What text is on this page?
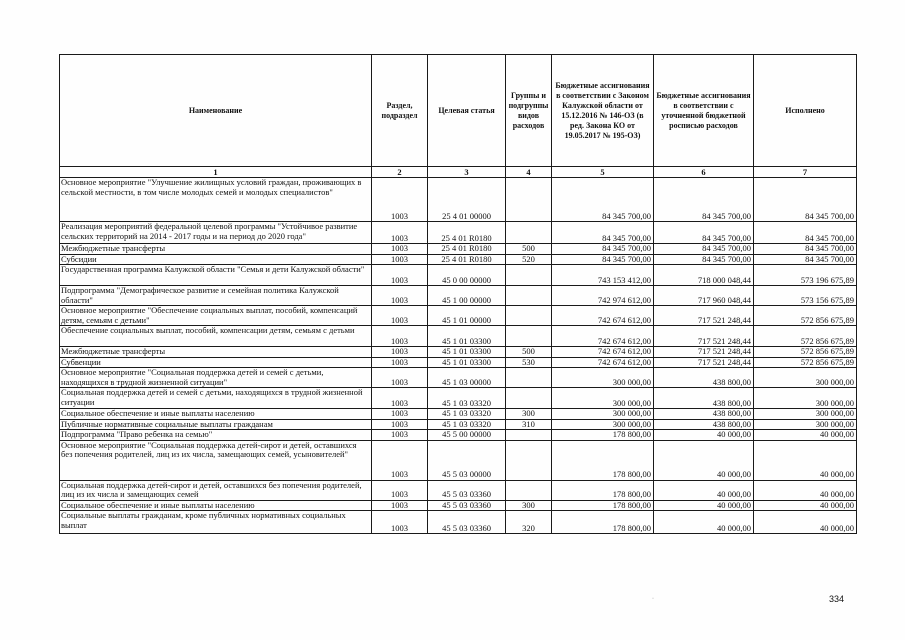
Наименование	Раздел, подраздел	Целевая статья	Группы и подгруппы видов расходов	Бюджетные ассигнования в соответствии с Законом Калужской области от 15.12.2016 № 146-ОЗ (в ред. Закона КО от 19.05.2017 № 195-ОЗ)	Бюджетные ассигнования в соответствии с уточненной бюджетной росписью расходов	Исполнено
1	2	3	4	5	6	7
Основное мероприятие "Улучшение жилищных условий граждан, проживающих в сельской местности, в том числе молодых семей и молодых специалистов"	1003	25 4 01 00000		84 345 700,00	84 345 700,00	84 345 700,00
Реализация мероприятий федеральной целевой программы "Устойчивое развитие сельских территорий на 2014 - 2017 годы и на период до 2020 года"	1003	25 4 01 R0180		84 345 700,00	84 345 700,00	84 345 700,00
Межбюджетные трансферты	1003	25 4 01 R0180	500	84 345 700,00	84 345 700,00	84 345 700,00
Субсидии	1003	25 4 01 R0180	520	84 345 700,00	84 345 700,00	84 345 700,00
Государственная программа Калужской области "Семья и дети Калужской области"	1003	45 0 00 00000		743 153 412,00	718 000 048,44	573 196 675,89
Подпрограмма "Демографическое развитие и семейная политика Калужской области"	1003	45 1 00 00000		742 974 612,00	717 960 048,44	573 156 675,89
Основное мероприятие "Обеспечение социальных выплат, пособий, компенсаций детям, семьям с детьми"	1003	45 1 01 00000		742 674 612,00	717 521 248,44	572 856 675,89
Обеспечение социальных выплат, пособий, компенсации детям, семьям с детьми	1003	45 1 01 03300		742 674 612,00	717 521 248,44	572 856 675,89
Межбюджетные трансферты	1003	45 1 01 03300	500	742 674 612,00	717 521 248,44	572 856 675,89
Субвенции	1003	45 1 01 03300	530	742 674 612,00	717 521 248,44	572 856 675,89
Основное мероприятие "Социальная поддержка детей и семей с детьми, находящихся в трудной жизненной ситуации"	1003	45 1 03 00000		300 000,00	438 800,00	300 000,00
Социальная поддержка детей и семей с детьми, находящихся в трудной жизненной ситуации	1003	45 1 03 03320		300 000,00	438 800,00	300 000,00
Социальное обеспечение и иные выплаты населению	1003	45 1 03 03320	300	300 000,00	438 800,00	300 000,00
Публичные нормативные социальные выплаты гражданам	1003	45 1 03 03320	310	300 000,00	438 800,00	300 000,00
Подпрограмма "Право ребенка на семью"	1003	45 5 00 00000		178 800,00	40 000,00	40 000,00
Основное мероприятие "Социальная поддержка детей-сирот и детей, оставшихся без попечения родителей, лиц из их числа, замещающих семей, усыновителей"	1003	45 5 03 00000		178 800,00	40 000,00	40 000,00
Социальная поддержка детей-сирот и детей, оставшихся без попечения родителей, лиц из их числа и замещающих семей	1003	45 5 03 03360		178 800,00	40 000,00	40 000,00
Социальное обеспечение и иные выплаты населению	1003	45 5 03 03360	300	178 800,00	40 000,00	40 000,00
Социальные выплаты гражданам, кроме публичных нормативных социальных выплат	1003	45 5 03 03360	320	178 800,00	40 000,00	40 000,00
·	334
